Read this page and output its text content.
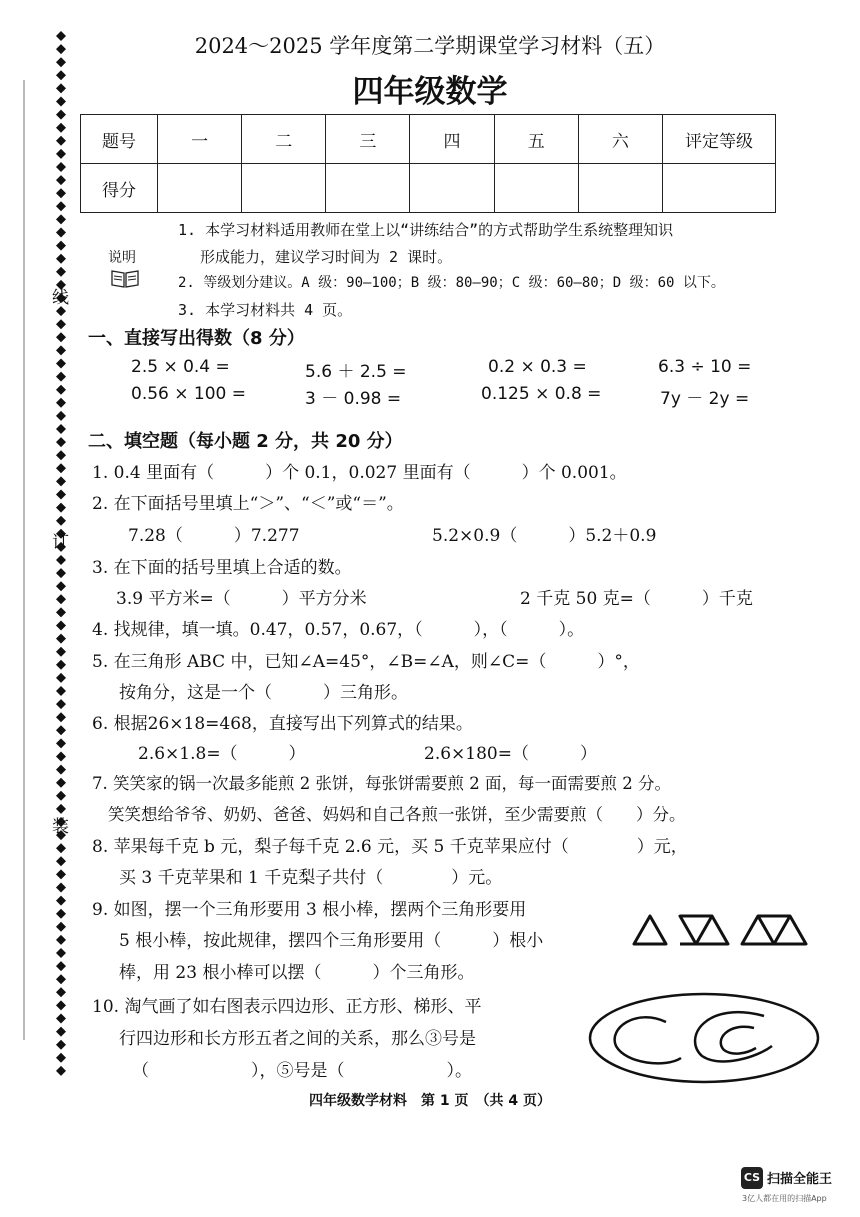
线
订
装
2024～2025 学年度第二学期课堂学习材料（五）
四年级数学
题号	一	二	三	四	五	六	评定等级
得分							
说明
1. 本学习材料适用教师在堂上以“讲练结合”的方式帮助学生系统整理知识
形成能力，建议学习时间为 2 课时。
2. 等级划分建议。A 级：90—100；B 级：80—90；C 级：60—80；D 级：60 以下。
3. 本学习材料共 4 页。
一、直接写出得数（8 分）
2.5 × 0.4 =	5.6 ＋ 2.5 =	0.2 × 0.3 =	6.3 ÷ 10 =
0.56 × 100 =	3 － 0.98 =	0.125 × 0.8 =	7y － 2y =
二、填空题（每小题 2 分，共 20 分）
1. 0.4 里面有（　　　）个 0.1，0.027 里面有（　　　）个 0.001。
2. 在下面括号里填上“＞”、“＜”或“＝”。
7.28（　　　）7.277	5.2×0.9（　　　）5.2＋0.9
3. 在下面的括号里填上合适的数。
3.9 平方米=（　　　）平方分米	2 千克 50 克=（　　　）千克
4. 找规律，填一填。0.47，0.57，0.67，（　　　），（　　　）。
5. 在三角形 ABC 中，已知∠A=45°，∠B=∠A，则∠C=（　　　）°，
按角分，这是一个（　　　）三角形。
6. 根据26×18=468，直接写出下列算式的结果。
2.6×1.8=（　　　）	2.6×180=（　　　）
7. 笑笑家的锅一次最多能煎 2 张饼，每张饼需要煎 2 面，每一面需要煎 2 分。
笑笑想给爷爷、奶奶、爸爸、妈妈和自己各煎一张饼，至少需要煎（　　）分。
8. 苹果每千克 b 元，梨子每千克 2.6 元，买 5 千克苹果应付（　　　　）元，
买 3 千克苹果和 1 千克梨子共付（　　　　）元。
9. 如图，摆一个三角形要用 3 根小棒，摆两个三角形要用
5 根小棒，按此规律，摆四个三角形要用（　　　）根小
棒，用 23 根小棒可以摆（　　　）个三角形。
10. 淘气画了如右图表示四边形、正方形、梯形、平
行四边形和长方形五者之间的关系，那么③号是
（　　　　　　），⑤号是（　　　　　　）。
四年级数学材料　第 1 页　（共 4 页）
CS 扫描全能王
3亿人都在用的扫描App
